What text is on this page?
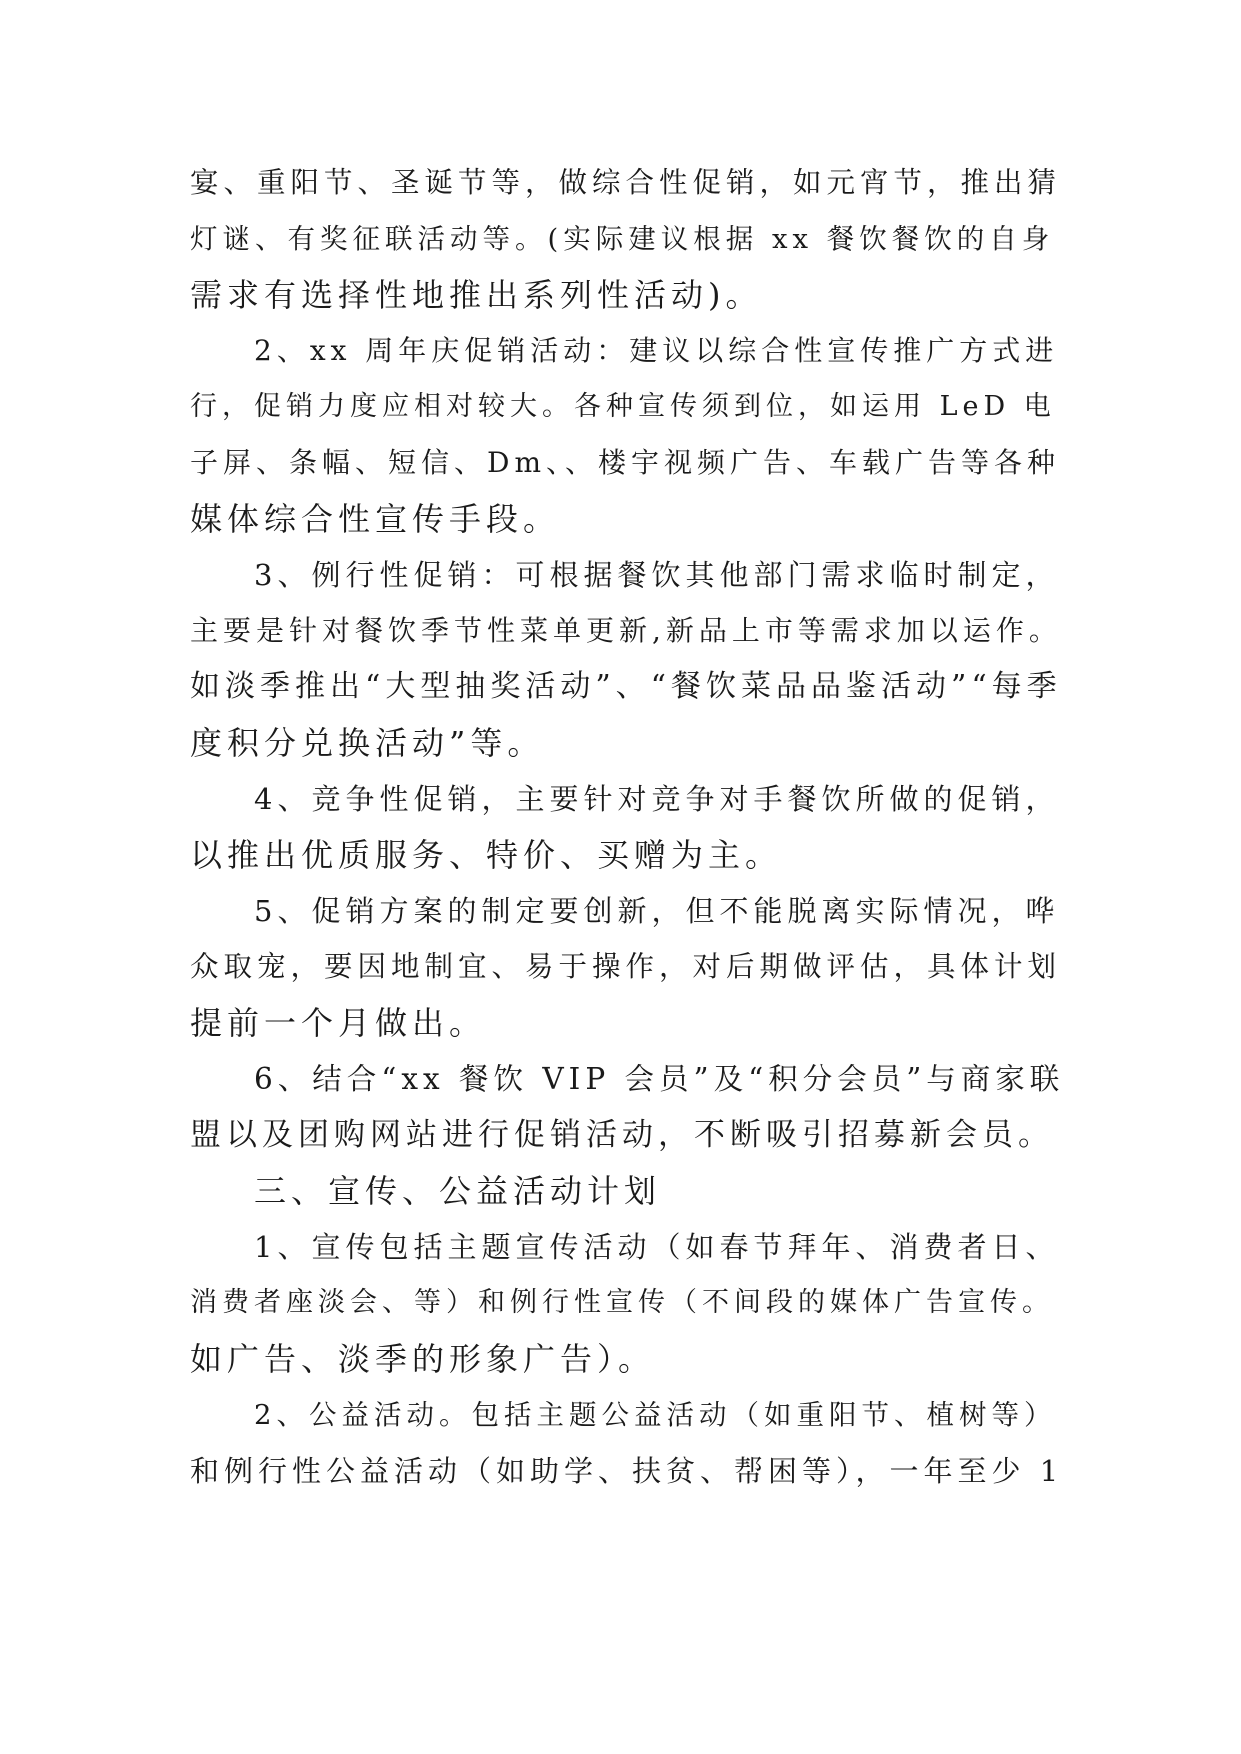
宴、重阳节、圣诞节等，做综合性促销，如元宵节，推出猜
灯谜、有奖征联活动等。(实际建议根据 xx 餐饮餐饮的自身
需求有选择性地推出系列性活动)。
2、xx 周年庆促销活动：建议以综合性宣传推广方式进
行，促销力度应相对较大。各种宣传须到位，如运用 LeD 电
子屏、条幅、短信、Dm、、楼宇视频广告、车载广告等各种
媒体综合性宣传手段。
3、例行性促销：可根据餐饮其他部门需求临时制定，
主要是针对餐饮季节性菜单更新,新品上市等需求加以运作。
如淡季推出“大型抽奖活动”、“餐饮菜品品鉴活动”“每季
度积分兑换活动”等。
4、竞争性促销，主要针对竞争对手餐饮所做的促销，
以推出优质服务、特价、买赠为主。
5、促销方案的制定要创新，但不能脱离实际情况，哗
众取宠，要因地制宜、易于操作，对后期做评估，具体计划
提前一个月做出。
6、结合“xx 餐饮 VIP 会员”及“积分会员”与商家联
盟以及团购网站进行促销活动，不断吸引招募新会员。
三、宣传、公益活动计划
1、宣传包括主题宣传活动（如春节拜年、消费者日、
消费者座淡会、等）和例行性宣传（不间段的媒体广告宣传。
如广告、淡季的形象广告）。
2、公益活动。包括主题公益活动（如重阳节、植树等）
和例行性公益活动（如助学、扶贫、帮困等），一年至少 1
